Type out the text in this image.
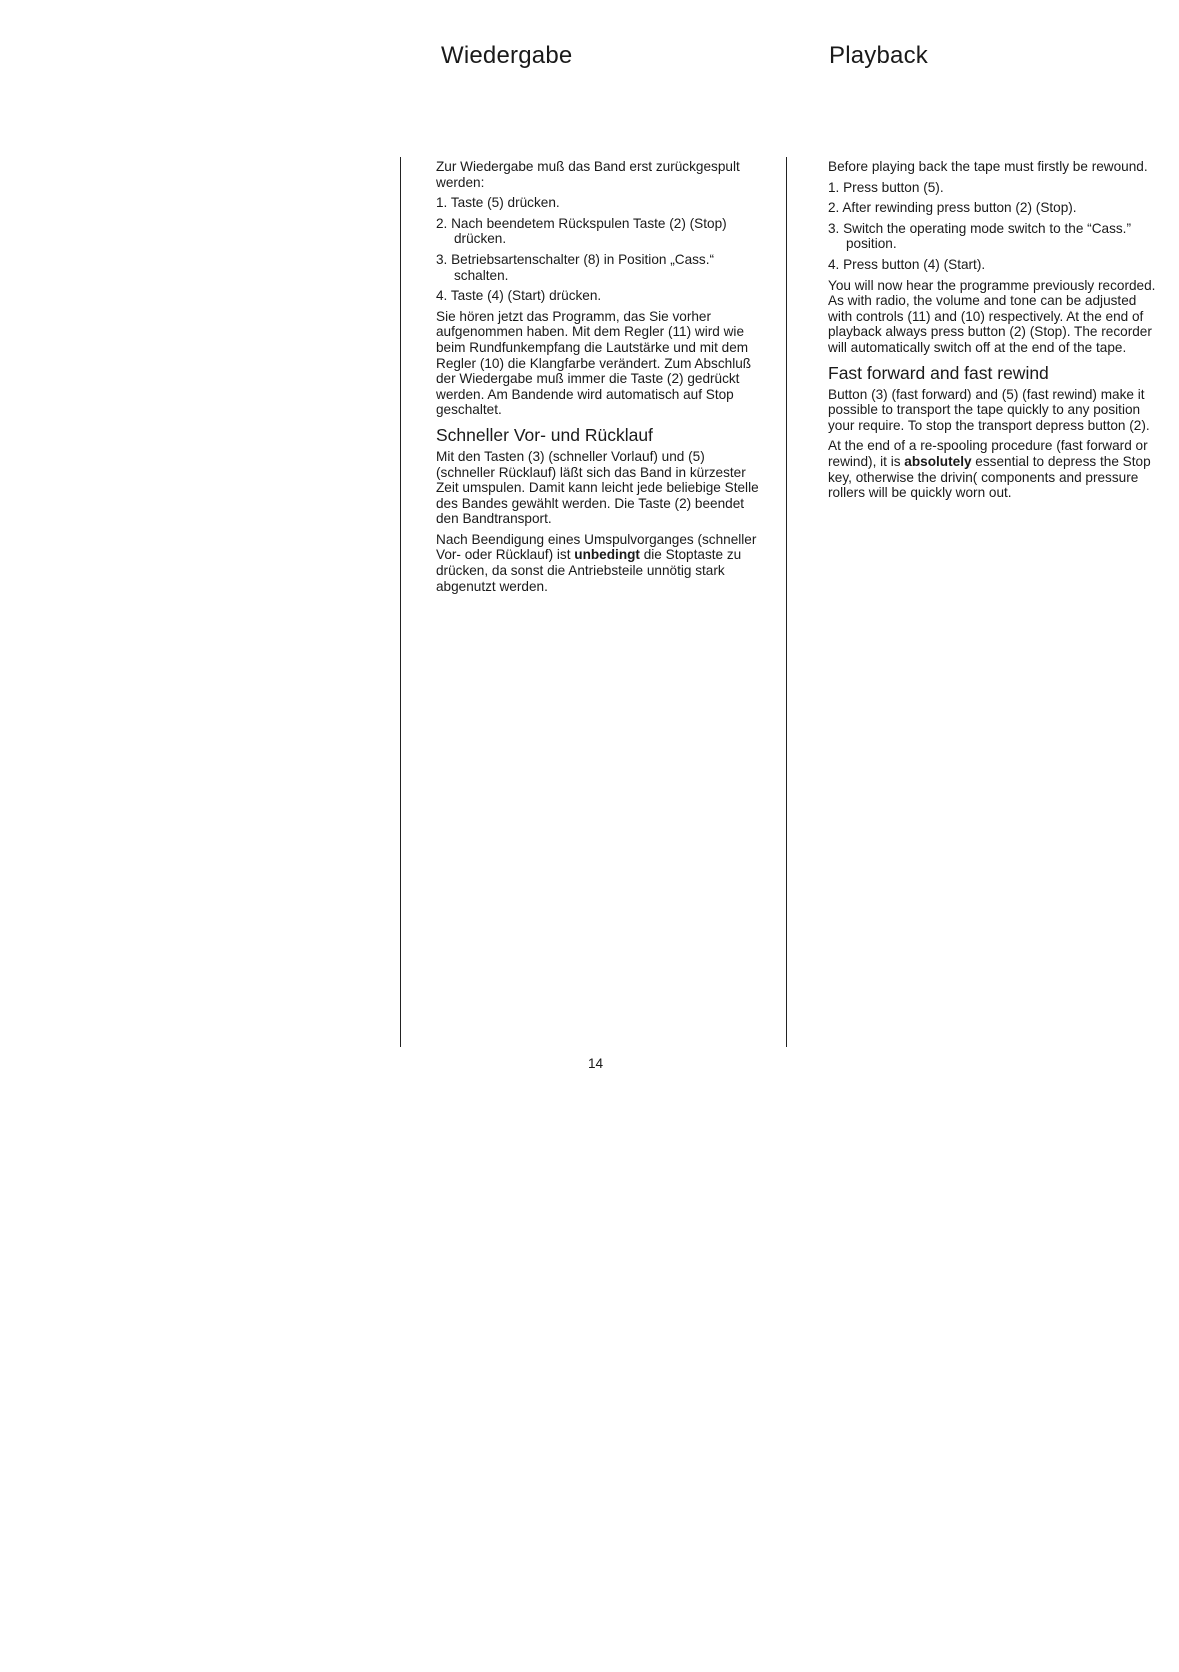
Wiedergabe	Playback

Zur Wiedergabe muß das Band erst zurückgespult werden:

1. Taste (5) drücken.
2. Nach beendetem Rückspulen Taste (2) (Stop) drücken.
3. Betriebsartenschalter (8) in Position „Cass.“ schalten.
4. Taste (4) (Start) drücken.

Sie hören jetzt das Programm, das Sie vorher aufgenommen haben. Mit dem Regler (11) wird wie beim Rundfunkempfang die Lautstärke und mit dem Regler (10) die Klangfarbe verändert. Zum Abschluß der Wiedergabe muß immer die Taste (2) gedrückt werden. Am Bandende wird automatisch auf Stop geschaltet.

Schneller Vor- und Rücklauf

Mit den Tasten (3) (schneller Vorlauf) und (5) (schneller Rücklauf) läßt sich das Band in kürzester Zeit umspulen. Damit kann leicht jede beliebige Stelle des Bandes gewählt werden. Die Taste (2) beendet den Bandtransport.

Nach Beendigung eines Umspulvorganges (schneller Vor- oder Rücklauf) ist unbedingt die Stoptaste zu drücken, da sonst die Antriebsteile unnötig stark abgenutzt werden.

Before playing back the tape must firstly be rewound.

1. Press button (5).
2. After rewinding press button (2) (Stop).
3. Switch the operating mode switch to the “Cass.” position.
4. Press button (4) (Start).

You will now hear the programme previously recorded. As with radio, the volume and tone can be adjusted with controls (11) and (10) respectively. At the end of playback always press button (2) (Stop). The recorder will automatically switch off at the end of the tape.

Fast forward and fast rewind

Button (3) (fast forward) and (5) (fast rewind) make it possible to transport the tape quickly to any position your require. To stop the transport depress button (2).

At the end of a re-spooling procedure (fast forward or rewind), it is absolutely essential to depress the Stop key, otherwise the drivin( components and pressure rollers will be quickly worn out.

14
